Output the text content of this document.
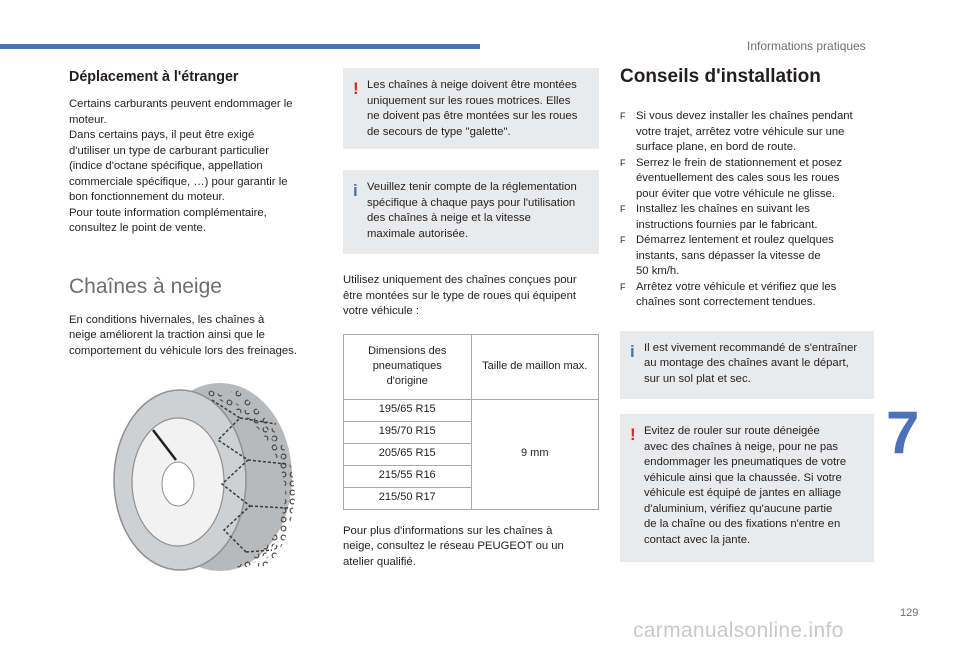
Informations pratiques
Déplacement à l'étranger

Certains carburants peuvent endommager le

moteur.

Dans certains pays, il peut être exigé

d'utiliser un type de carburant particulier

(indice d'octane spécifique, appellation

commerciale spécifique, …) pour garantir le

bon fonctionnement du moteur.

Pour toute information complémentaire,

consultez le point de vente.

Chaînes à neige

En conditions hivernales, les chaînes à

neige améliorent la traction ainsi que le

comportement du véhicule lors des freinages.

! Les chaînes à neige doivent être montées

uniquement sur les roues motrices. Elles

ne doivent pas être montées sur les roues

de secours de type "galette".

i Veuillez tenir compte de la réglementation

spécifique à chaque pays pour l'utilisation

des chaînes à neige et la vitesse

maximale autorisée.

Utilisez uniquement des chaînes conçues pour

être montées sur le type de roues qui équipent

votre véhicule :

Dimensions des
pneumatiques
d'origine	Taille de maillon max.
195/65 R15	9 mm
195/70 R15	
205/65 R15	
215/55 R16	
215/50 R17	

Pour plus d'informations sur les chaînes à

neige, consultez le réseau PEUGEOT ou un

atelier qualifié.

Conseils d'installation
F Si vous devez installer les chaînes pendant

votre trajet, arrêtez votre véhicule sur une

surface plane, en bord de route.

F Serrez le frein de stationnement et posez

éventuellement des cales sous les roues

pour éviter que votre véhicule ne glisse.

F Installez les chaînes en suivant les

instructions fournies par le fabricant.

F Démarrez lentement et roulez quelques

instants, sans dépasser la vitesse de

50 km/h.

F Arrêtez votre véhicule et vérifiez que les

chaînes sont correctement tendues.

i Il est vivement recommandé de s'entraîner

au montage des chaînes avant le départ,

sur un sol plat et sec.

! Evitez de rouler sur route déneigée

avec des chaînes à neige, pour ne pas

endommager les pneumatiques de votre

véhicule ainsi que la chaussée. Si votre

véhicule est équipé de jantes en alliage

d'aluminium, vérifiez qu'aucune partie

de la chaîne ou des fixations n'entre en

contact avec la jante.

7
129
carmanualsonline.info
